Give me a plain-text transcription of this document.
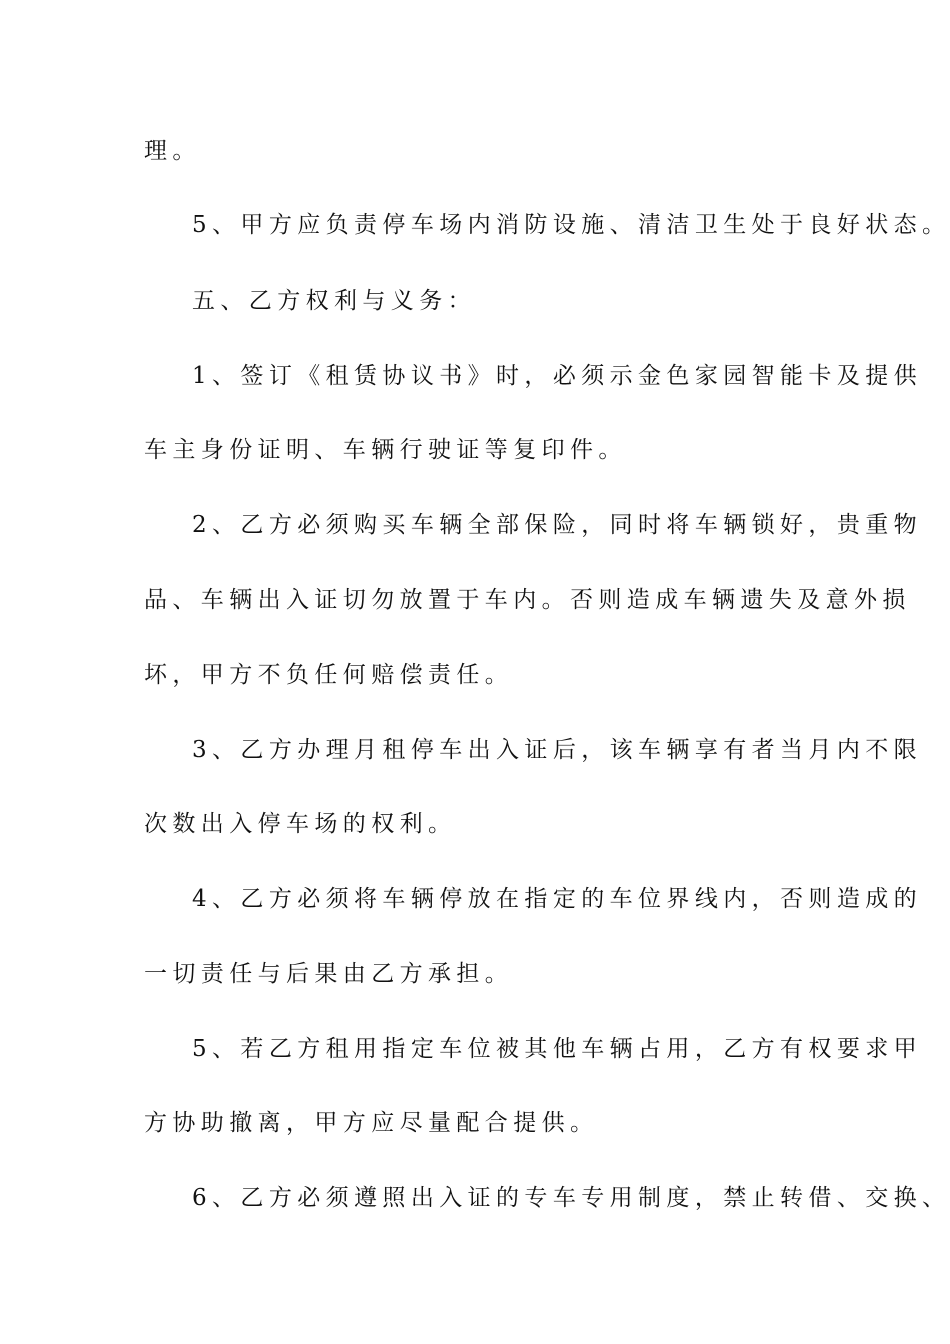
理。
5、甲方应负责停车场内消防设施、清洁卫生处于良好状态。
五、乙方权利与义务：
1、签订《租赁协议书》时，必须示金色家园智能卡及提供
车主身份证明、车辆行驶证等复印件。
2、乙方必须购买车辆全部保险，同时将车辆锁好，贵重物
品、车辆出入证切勿放置于车内。否则造成车辆遗失及意外损
坏，甲方不负任何赔偿责任。
3、乙方办理月租停车出入证后，该车辆享有者当月内不限
次数出入停车场的权利。
4、乙方必须将车辆停放在指定的车位界线内，否则造成的
一切责任与后果由乙方承担。
5、若乙方租用指定车位被其他车辆占用，乙方有权要求甲
方协助撤离，甲方应尽量配合提供。
6、乙方必须遵照出入证的专车专用制度，禁止转借、交换、
